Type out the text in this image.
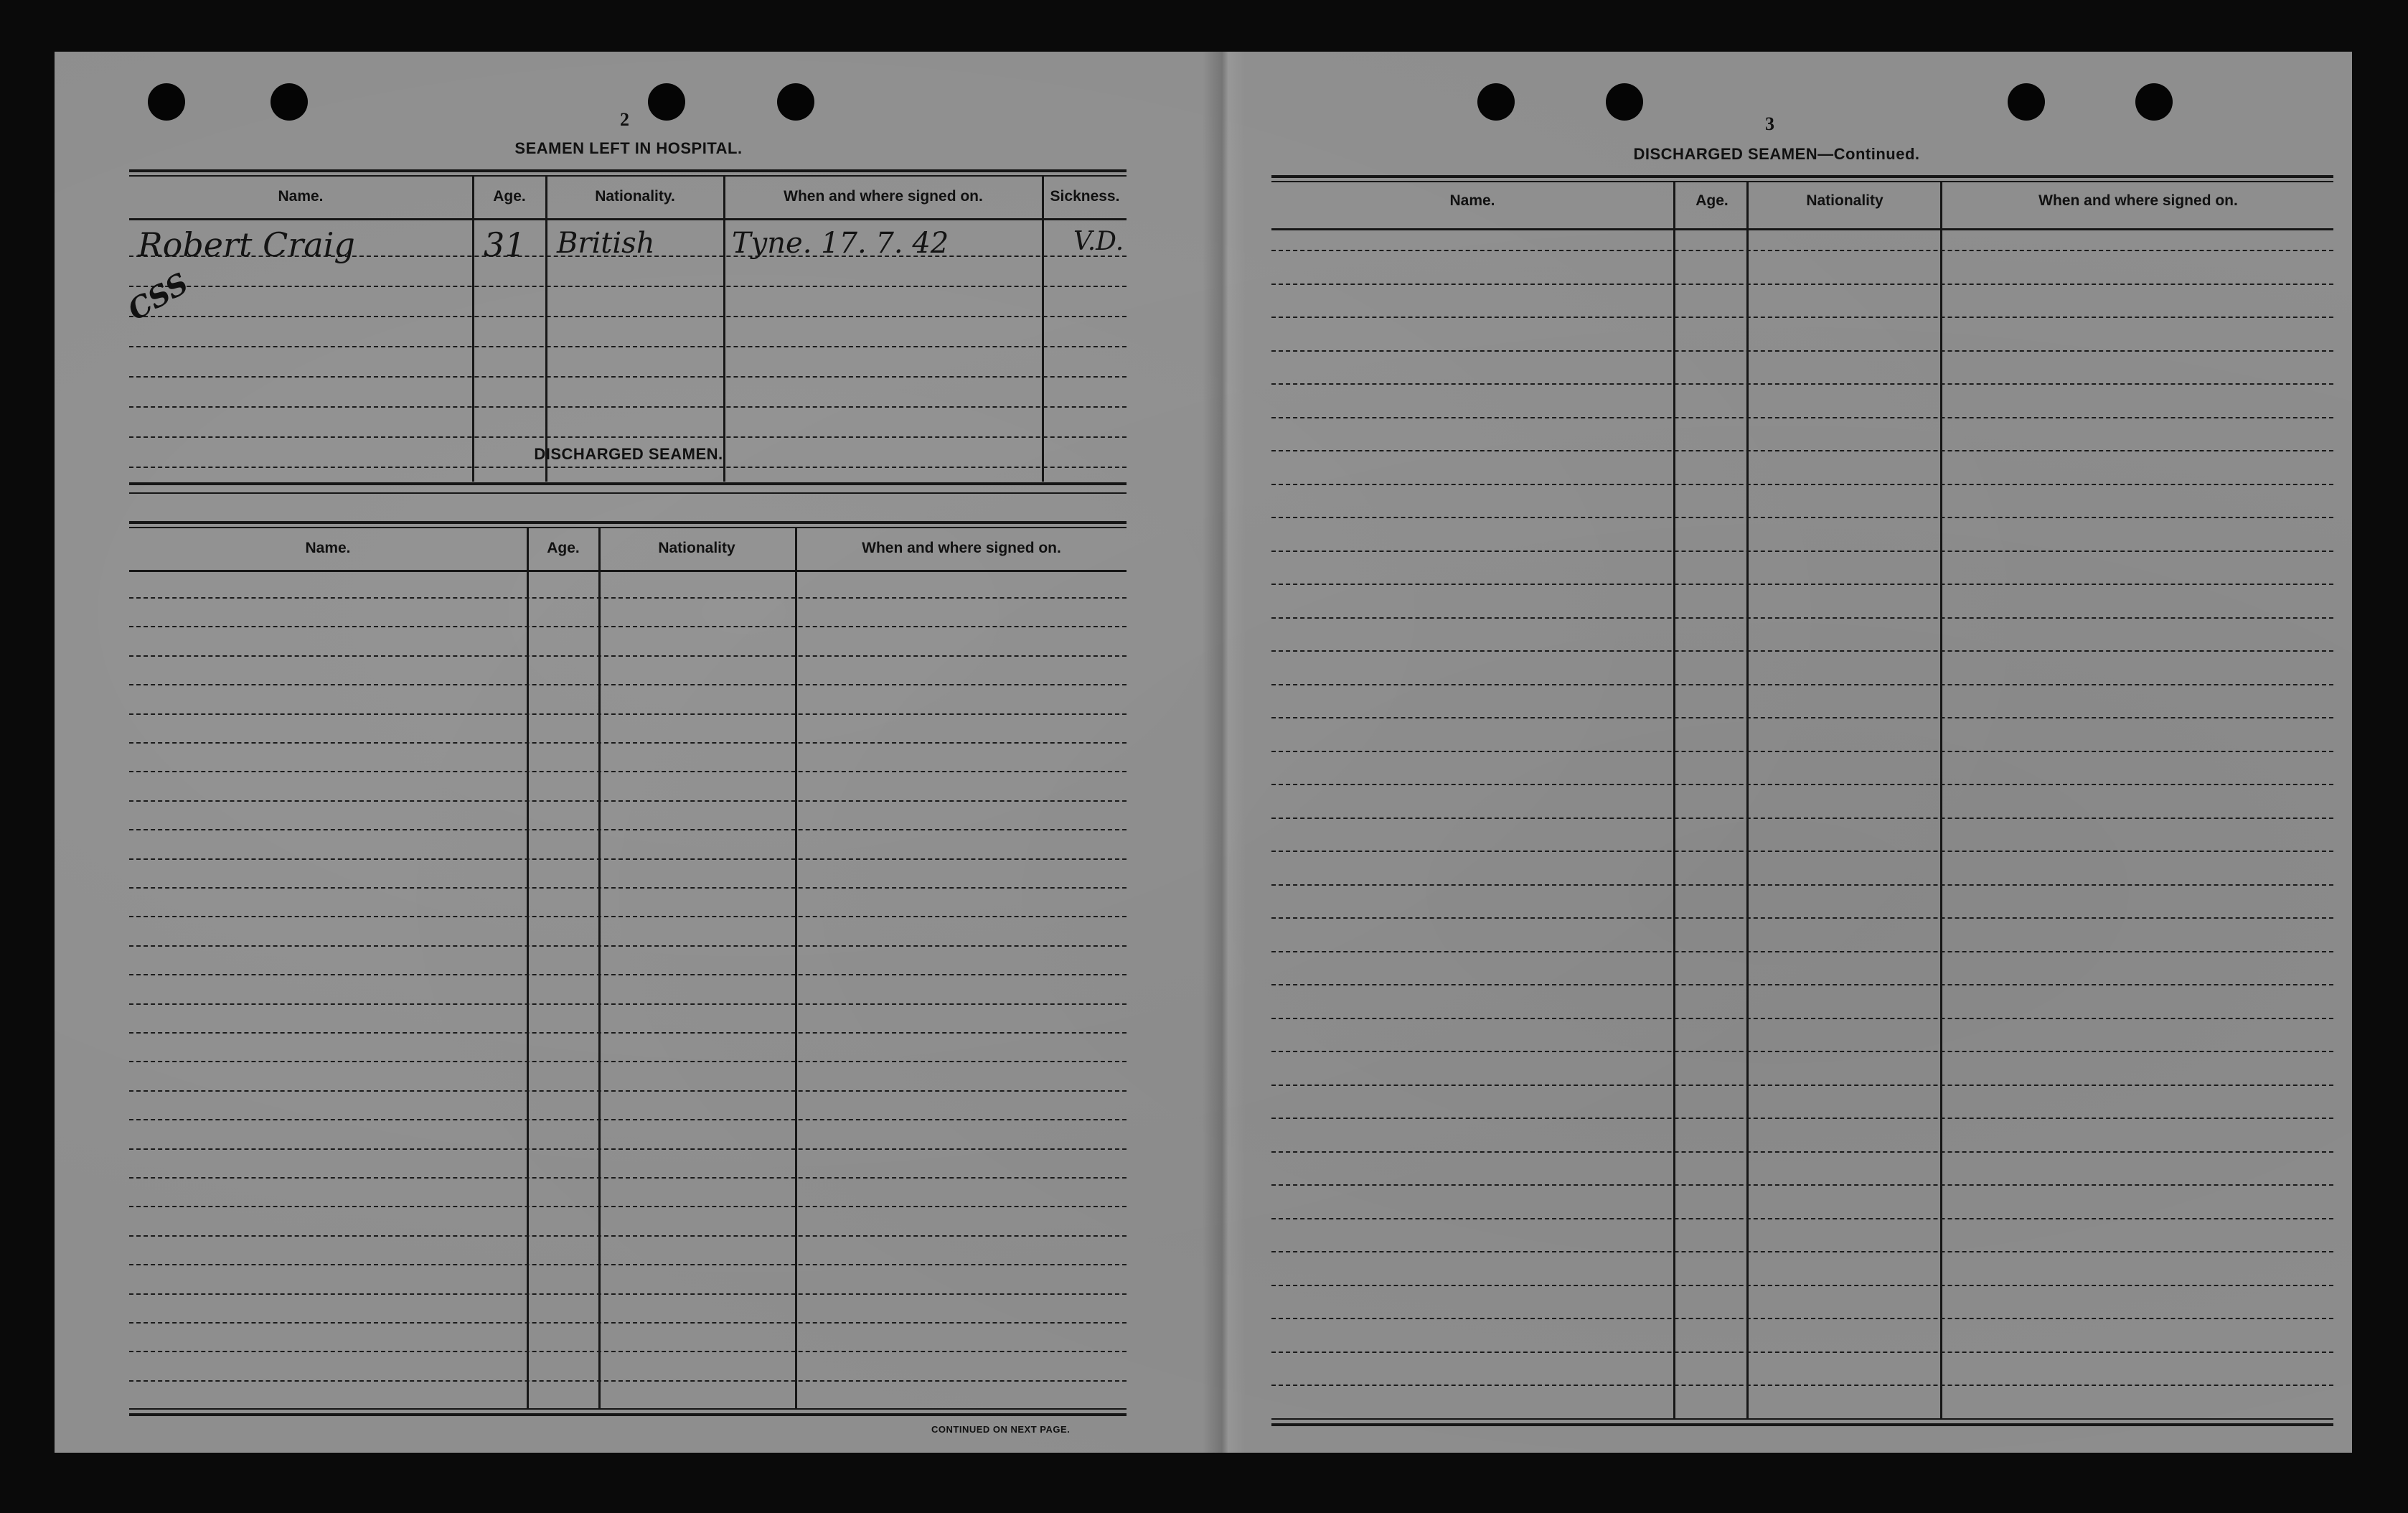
2
SEAMEN LEFT IN HOSPITAL.
Name.	Age.	Nationality.	When and where signed on.	Sickness.
Robert Craig	31 British	Tyne. 17. 7. 42	V.D.
CSS
DISCHARGED SEAMEN.
Name.	Age.	Nationality	When and where signed on.
CONTINUED ON NEXT PAGE.
3
DISCHARGED SEAMEN—Continued.
Name.	Age.	Nationality	When and where signed on.
